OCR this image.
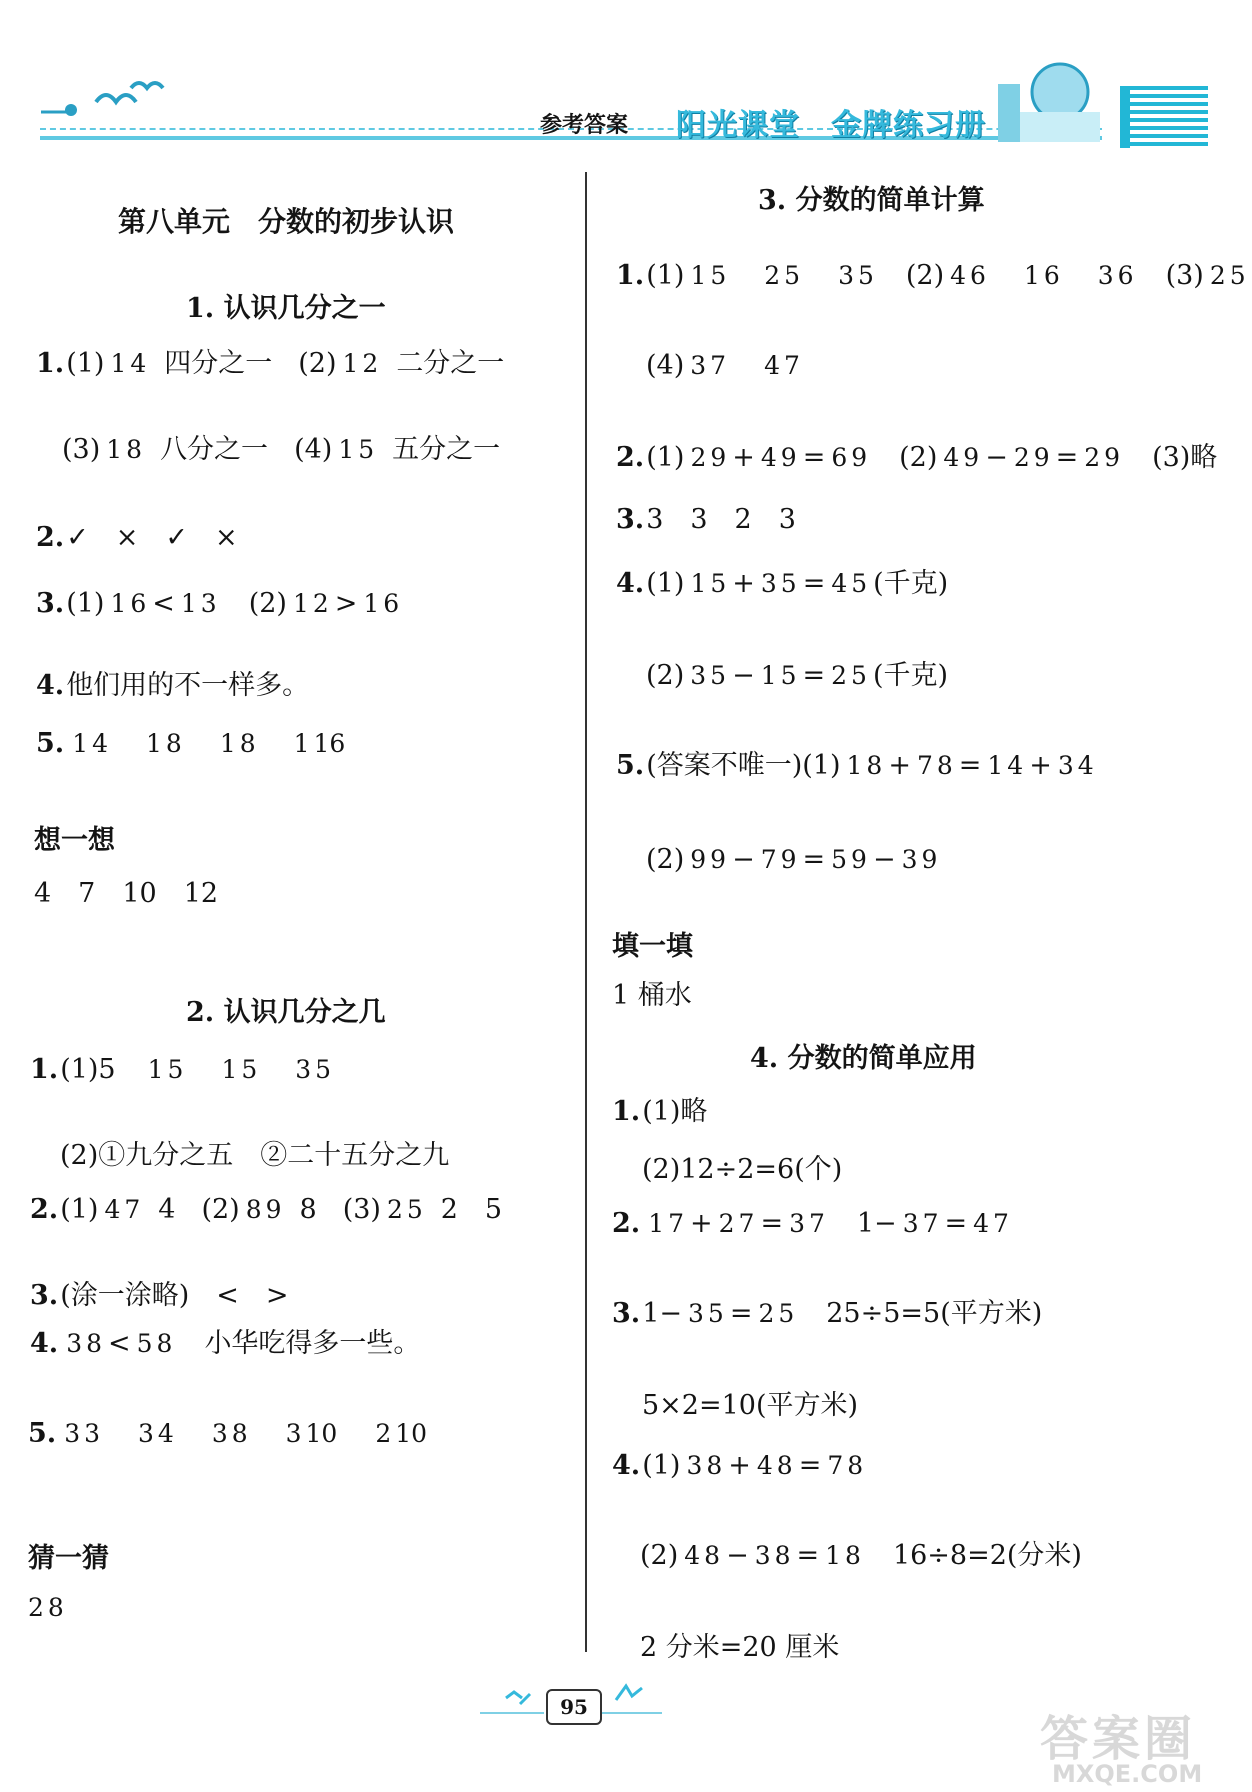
参考答案 阳光课堂　金牌练习册
第八单元　分数的初步认识
1. 认识几分之一
1. (1) 1 4 四分之一 (2) 1 2 二分之一
(3) 1 8 八分之一 (4) 1 5 五分之一
2. ✓　×　✓　×
3. (1) 1 6 < 1 3 (2) 1 2 > 1 6
4. 他们用的不一样多。
5. 1 4 1 8 1 8 1 16
想一想
4　7　10　12
2. 认识几分之几
1. (1)5 1 5 1 5 3 5
(2)①九分之五　②二十五分之九
2. (1) 4 7 4 (2) 8 9 8 (3) 2 5 2　5
3. (涂一涂略)　<　>
4. 3 8 < 5 8 小华吃得多一些。
5. 3 3 3 4 3 8 3 10 2 10
猜一猜
2 8
3. 分数的简单计算
1. (1) 1 5 2 5 3 5 (2) 4 6 1 6 3 6 (3) 2 5
(4) 3 7 4 7
2. (1) 2 9 + 4 9 = 6 9 (2) 4 9 − 2 9 = 2 9 (3)略
3. 3　3　2　3
4. (1) 1 5 + 3 5 = 4 5 (千克)
(2) 3 5 − 1 5 = 2 5 (千克)
5. (答案不唯一)(1) 1 8 + 7 8 = 1 4 + 3 4
(2) 9 9 − 7 9 = 5 9 − 3 9
填一填
1 桶水
4. 分数的简单应用
1. (1)略
(2)12÷2=6(个)
2. 1 7 + 2 7 = 3 7 1− 3 7 = 4 7
3. 1− 3 5 = 2 5 25÷5=5(平方米)
5×2=10(平方米)
4. (1) 3 8 + 4 8 = 7 8
(2) 4 8 − 3 8 = 1 8 16÷8=2(分米)
2 分米=20 厘米
95
答案圈
MXQE.COM
